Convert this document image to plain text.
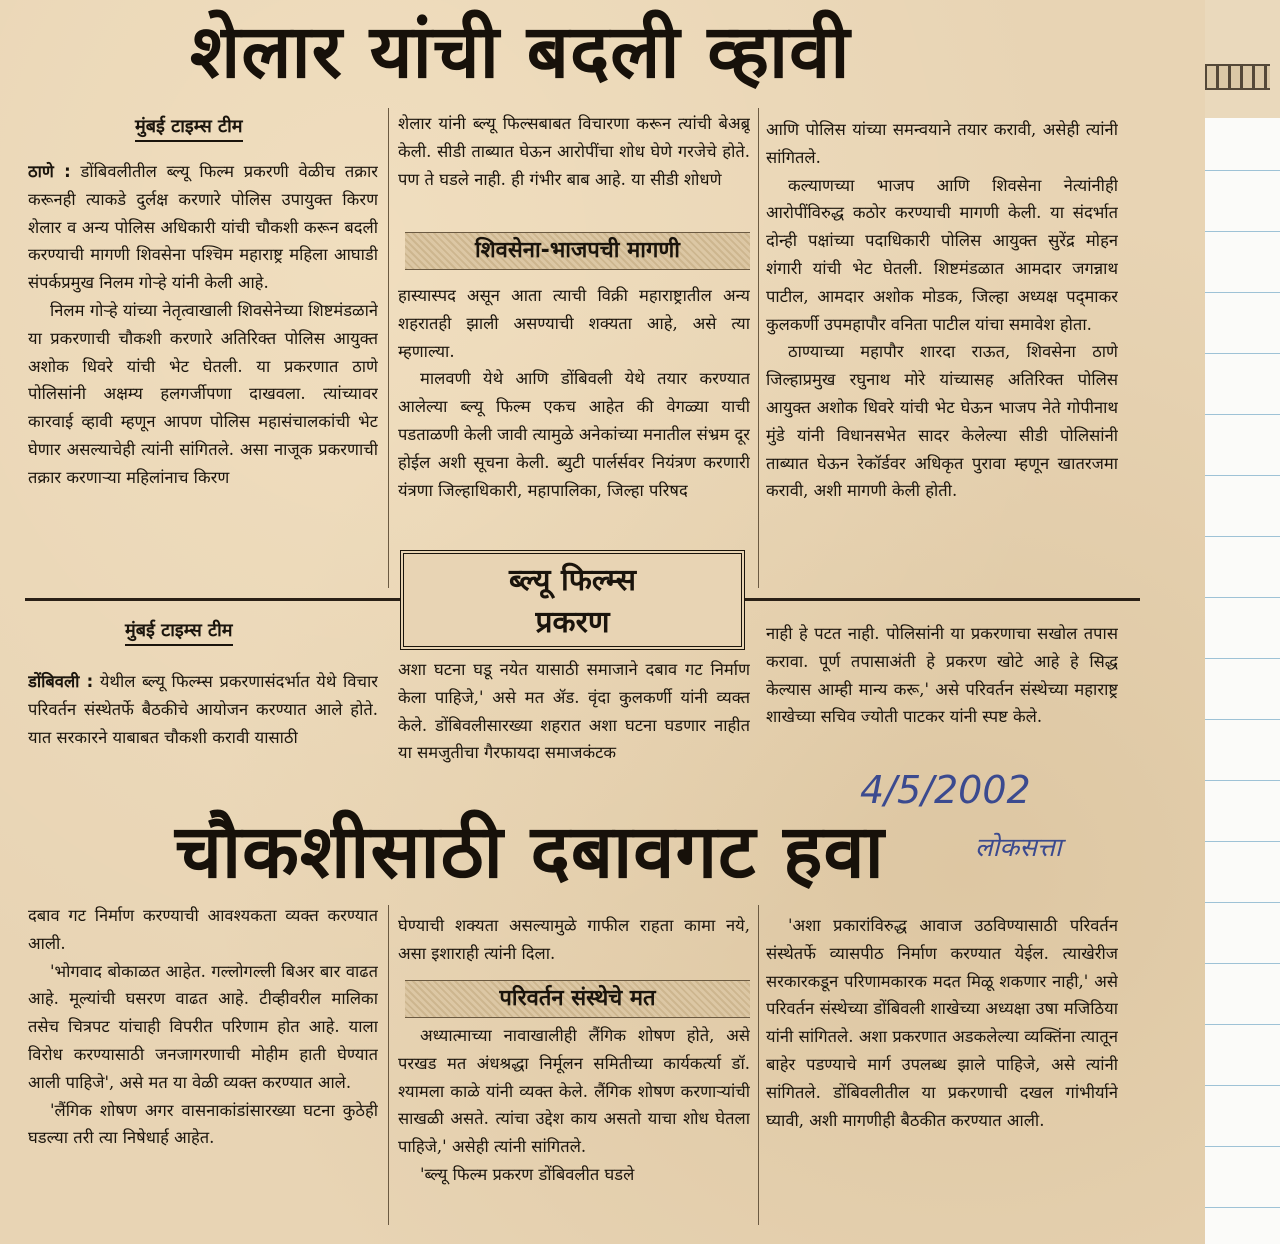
शेलार यांची बदली व्हावी
मुंबई टाइम्स टीम

ठाणे : डोंबिवलीतील ब्ल्यू फिल्म प्रकरणी वेळीच तक्रार करूनही त्याकडे दुर्लक्ष करणारे पोलिस उपायुक्त किरण शेलार व अन्य पोलिस अधिकारी यांची चौकशी करून बदली करण्याची मागणी शिवसेना पश्चिम महाराष्ट्र महिला आघाडी संपर्कप्रमुख निलम गोऱ्हे यांनी केली आहे.

निलम गोऱ्हे यांच्या नेतृत्वाखाली शिवसेनेच्या शिष्टमंडळाने या प्रकरणाची चौकशी करणारे अतिरिक्त पोलिस आयुक्त अशोक धिवरे यांची भेट घेतली. या प्रकरणात ठाणे पोलिसांनी अक्षम्य हलगर्जीपणा दाखवला. त्यांच्यावर कारवाई व्हावी म्हणून आपण पोलिस महासंचालकांची भेट घेणार असल्याचेही त्यांनी सांगितले. असा नाजूक प्रकरणाची तक्रार करणाऱ्या महिलांनाच किरण

शेलार यांनी ब्ल्यू फिल्सबाबत विचारणा करून त्यांची बेअब्रू केली. सीडी ताब्यात घेऊन आरोपींचा शोध घेणे गरजेचे होते. पण ते घडले नाही. ही गंभीर बाब आहे. या सीडी शोधणे

शिवसेना-भाजपची मागणी

हास्यास्पद असून आता त्याची विक्री महाराष्ट्रातील अन्य शहरातही झाली असण्याची शक्यता आहे, असे त्या म्हणाल्या.

मालवणी येथे आणि डोंबिवली येथे तयार करण्यात आलेल्या ब्ल्यू फिल्म एकच आहेत की वेगळ्या याची पडताळणी केली जावी त्यामुळे अनेकांच्या मनातील संभ्रम दूर होईल अशी सूचना केली. ब्युटी पार्लर्सवर नियंत्रण करणारी यंत्रणा जिल्हाधिकारी, महापालिका, जिल्हा परिषद

आणि पोलिस यांच्या समन्वयाने तयार करावी, असेही त्यांनी सांगितले.

कल्याणच्या भाजप आणि शिवसेना नेत्यांनीही आरोपींविरुद्ध कठोर करण्याची मागणी केली. या संदर्भात दोन्ही पक्षांच्या पदाधिकारी पोलिस आयुक्त सुरेंद्र मोहन शंगारी यांची भेट घेतली. शिष्टमंडळात आमदार जगन्नाथ पाटील, आमदार अशोक मोडक, जिल्हा अध्यक्ष पद्‌माकर कुलकर्णी उपमहापौर वनिता पाटील यांचा समावेश होता.

ठाण्याच्या महापौर शारदा राऊत, शिवसेना ठाणे जिल्हाप्रमुख रघुनाथ मोरे यांच्यासह अतिरिक्त पोलिस आयुक्त अशोक धिवरे यांची भेट घेऊन भाजप नेते गोपीनाथ मुंडे यांनी विधानसभेत सादर केलेल्या सीडी पोलिसांनी ताब्यात घेऊन रेकॉर्डवर अधिकृत पुरावा म्हणून खातरजमा करावी, अशी मागणी केली होती.

मुंबई टाइम्स टीम

डोंबिवली : येथील ब्ल्यू फिल्म्स प्रकरणासंदर्भात येथे विचार परिवर्तन संस्थेतर्फे बैठकीचे आयोजन करण्यात आले होते. यात सरकारने याबाबत चौकशी करावी यासाठी

अशा घटना घडू नयेत यासाठी समाजाने दबाव गट निर्माण केला पाहिजे,' असे मत ॲड. वृंदा कुलकर्णी यांनी व्यक्त केले. डोंबिवलीसारख्या शहरात अशा घटना घडणार नाहीत या समजुतीचा गैरफायदा समाजकंटक

नाही हे पटत नाही. पोलिसांनी या प्रकरणाचा सखोल तपास करावा. पूर्ण तपासाअंती हे प्रकरण खोटे आहे हे सिद्ध केल्यास आम्ही मान्य करू,' असे परिवर्तन संस्थेच्या महाराष्ट्र शाखेच्या सचिव ज्योती पाटकर यांनी स्पष्ट केले.

चौकशीसाठी दबावगट हवा

दबाव गट निर्माण करण्याची आवश्यकता व्यक्त करण्यात आली.

'भोगवाद बोकाळत आहेत. गल्लोगल्ली बिअर बार वाढत आहे. मूल्यांची घसरण वाढत आहे. टीव्हीवरील मालिका तसेच चित्रपट यांचाही विपरीत परिणाम होत आहे. याला विरोध करण्यासाठी जनजागरणाची मोहीम हाती घेण्यात आली पाहिजे', असे मत या वेळी व्यक्त करण्यात आले.

'लैंगिक शोषण अगर वासनाकांडांसारख्या घटना कुठेही घडल्या तरी त्या निषेधार्ह आहेत.

घेण्याची शक्यता असल्यामुळे गाफील राहता कामा नये, असा इशाराही त्यांनी दिला.

परिवर्तन संस्थेचे मत

अध्यात्माच्या नावाखालीही लैंगिक शोषण होते, असे परखड मत अंधश्रद्धा निर्मूलन समितीच्या कार्यकर्त्या डॉ. श्यामला काळे यांनी व्यक्त केले. लैंगिक शोषण करणाऱ्यांची साखळी असते. त्यांचा उद्देश काय असतो याचा शोध घेतला पाहिजे,' असेही त्यांनी सांगितले.

'ब्ल्यू फिल्म प्रकरण डोंबिवलीत घडले

'अशा प्रकारांविरुद्ध आवाज उठविण्यासाठी परिवर्तन संस्थेतर्फे व्यासपीठ निर्माण करण्यात येईल. त्याखेरीज सरकारकडून परिणामकारक मदत मिळू शकणार नाही,' असे परिवर्तन संस्थेच्या डोंबिवली शाखेच्या अध्यक्षा उषा मजिठिया यांनी सांगितले. अशा प्रकरणात अडकलेल्या व्यक्तिंना त्यातून बाहेर पडण्याचे मार्ग उपलब्ध झाले पाहिजे, असे त्यांनी सांगितले. डोंबिवलीतील या प्रकरणाची दखल गांभीर्याने घ्यावी, अशी मागणीही बैठकीत करण्यात आली.

ब्ल्यू फिल्म्स
प्रकरण
4/5/2002
लोकसत्ता
